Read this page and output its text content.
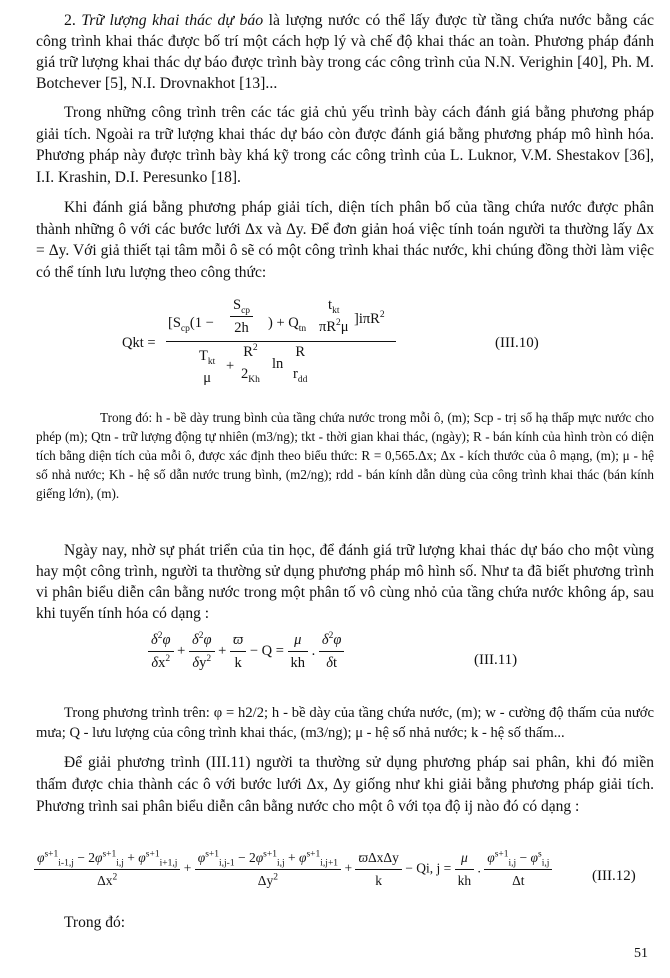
2. Trữ lượng khai thác dự báo là lượng nước có thể lấy được từ tầng chứa nước bằng các công trình khai thác được bố trí một cách hợp lý và chế độ khai thác an toàn. Phương pháp đánh giá trữ lượng khai thác dự báo được trình bày trong các công trình của N.N. Verighin [40], Ph. M. Botchever [5], N.I. Drovnakhot [13]...

Trong những công trình trên các tác giả chủ yếu trình bày cách đánh giá bằng phương pháp giải tích. Ngoài ra trữ lượng khai thác dự báo còn được đánh giá bằng phương pháp mô hình hóa. Phương pháp này được trình bày khá kỹ trong các công trình của L. Luknor, V.M. Shestakov [36], I.I. Krashin, D.I. Peresunko [18].

Khi đánh giá bằng phương pháp giải tích, diện tích phân bố của tầng chứa nước được phân thành những ô với các bước lưới Δx và Δy. Để đơn giản hoá việc tính toán người ta thường lấy Δx = Δy. Với giả thiết tại tâm mỗi ô sẽ có một công trình khai thác nước, khi chúng đồng thời làm việc có thể tính lưu lượng theo công thức:

Qkt =
[$S_{cp}(1$ −
$S_{cp}$
2h ) + $Q_{tn}$
$t_{kt}$
$\pi R^2\mu$ ]iπR$^2$
$T_{kt}$
μ
+
$R^2$
$2_{Kh}$
ln
R
$r_{dd}$
(III.10)

Trong đó: h - bề dày trung bình của tầng chứa nước trong mỗi ô, (m); Scp - trị số hạ thấp mực nước cho phép (m); Qtn - trữ lượng động tự nhiên (m3/ng); tkt - thời gian khai thác, (ngày); R - bán kính của hình tròn có diện tích bằng diện tích của mỗi ô, được xác định theo biểu thức: R = 0,565.Δx; Δx - kích thước của ô mạng, (m); μ - hệ số nhả nước; Kh - hệ số dẫn nước trung bình, (m2/ng); rdd - bán kính dẫn dùng của công trình khai thác (bán kính giếng lớn), (m).

Ngày nay, nhờ sự phát triển của tin học, để đánh giá trữ lượng khai thác dự báo cho một vùng hay một công trình, người ta thường sử dụng phương pháp mô hình số. Như ta đã biết phương trình vi phân biểu diễn cân bằng nước trong một phân tố vô cùng nhỏ của tầng chứa nước không áp, sau khi tuyến tính hóa có dạng :

$\frac{\delta^2\varphi}{\delta x^2} + \frac{\delta^2\varphi}{\delta y^2} + \frac{ϖ}{k} - Q = \frac{\mu}{kh}$ . $\frac{\delta^2\varphi}{\delta t}$	(III.11)

Trong phương trình trên: φ = h2/2; h - bề dày của tầng chứa nước, (m); w - cường độ thấm của nước mưa; Q - lưu lượng của công trình khai thác, (m3/ng); μ - hệ số nhả nước; k - hệ số thấm...

Để giải phương trình (III.11) người ta thường sử dụng phương pháp sai phân, khi đó miền thấm được chia thành các ô với bước lưới Δx, Δy giống như khi giải bằng phương pháp giải tích. Phương trình sai phân biểu diễn cân bằng nước cho một ô với tọa độ ij nào đó có dạng :

$\frac{\varphi^{s+1}_{i-1,j} - 2\varphi^{s+1}_{i,j} + \varphi^{s+1}_{i+1,j}}{\Delta x^2} + \frac{\varphi^{s+1}_{i,j-1} - 2\varphi^{s+1}_{i,j} + \varphi^{s+1}_{i,j+1}}{\Delta y^2} + \frac{\text{ϖΔxΔy}}{k} - Qi$, $j = \frac{\mu}{kh}$ . $\frac{\varphi^{s+1}_{i,j} - \varphi^s_{i,j}}{\Delta t}$	(III.12)

Trong đó:

51
